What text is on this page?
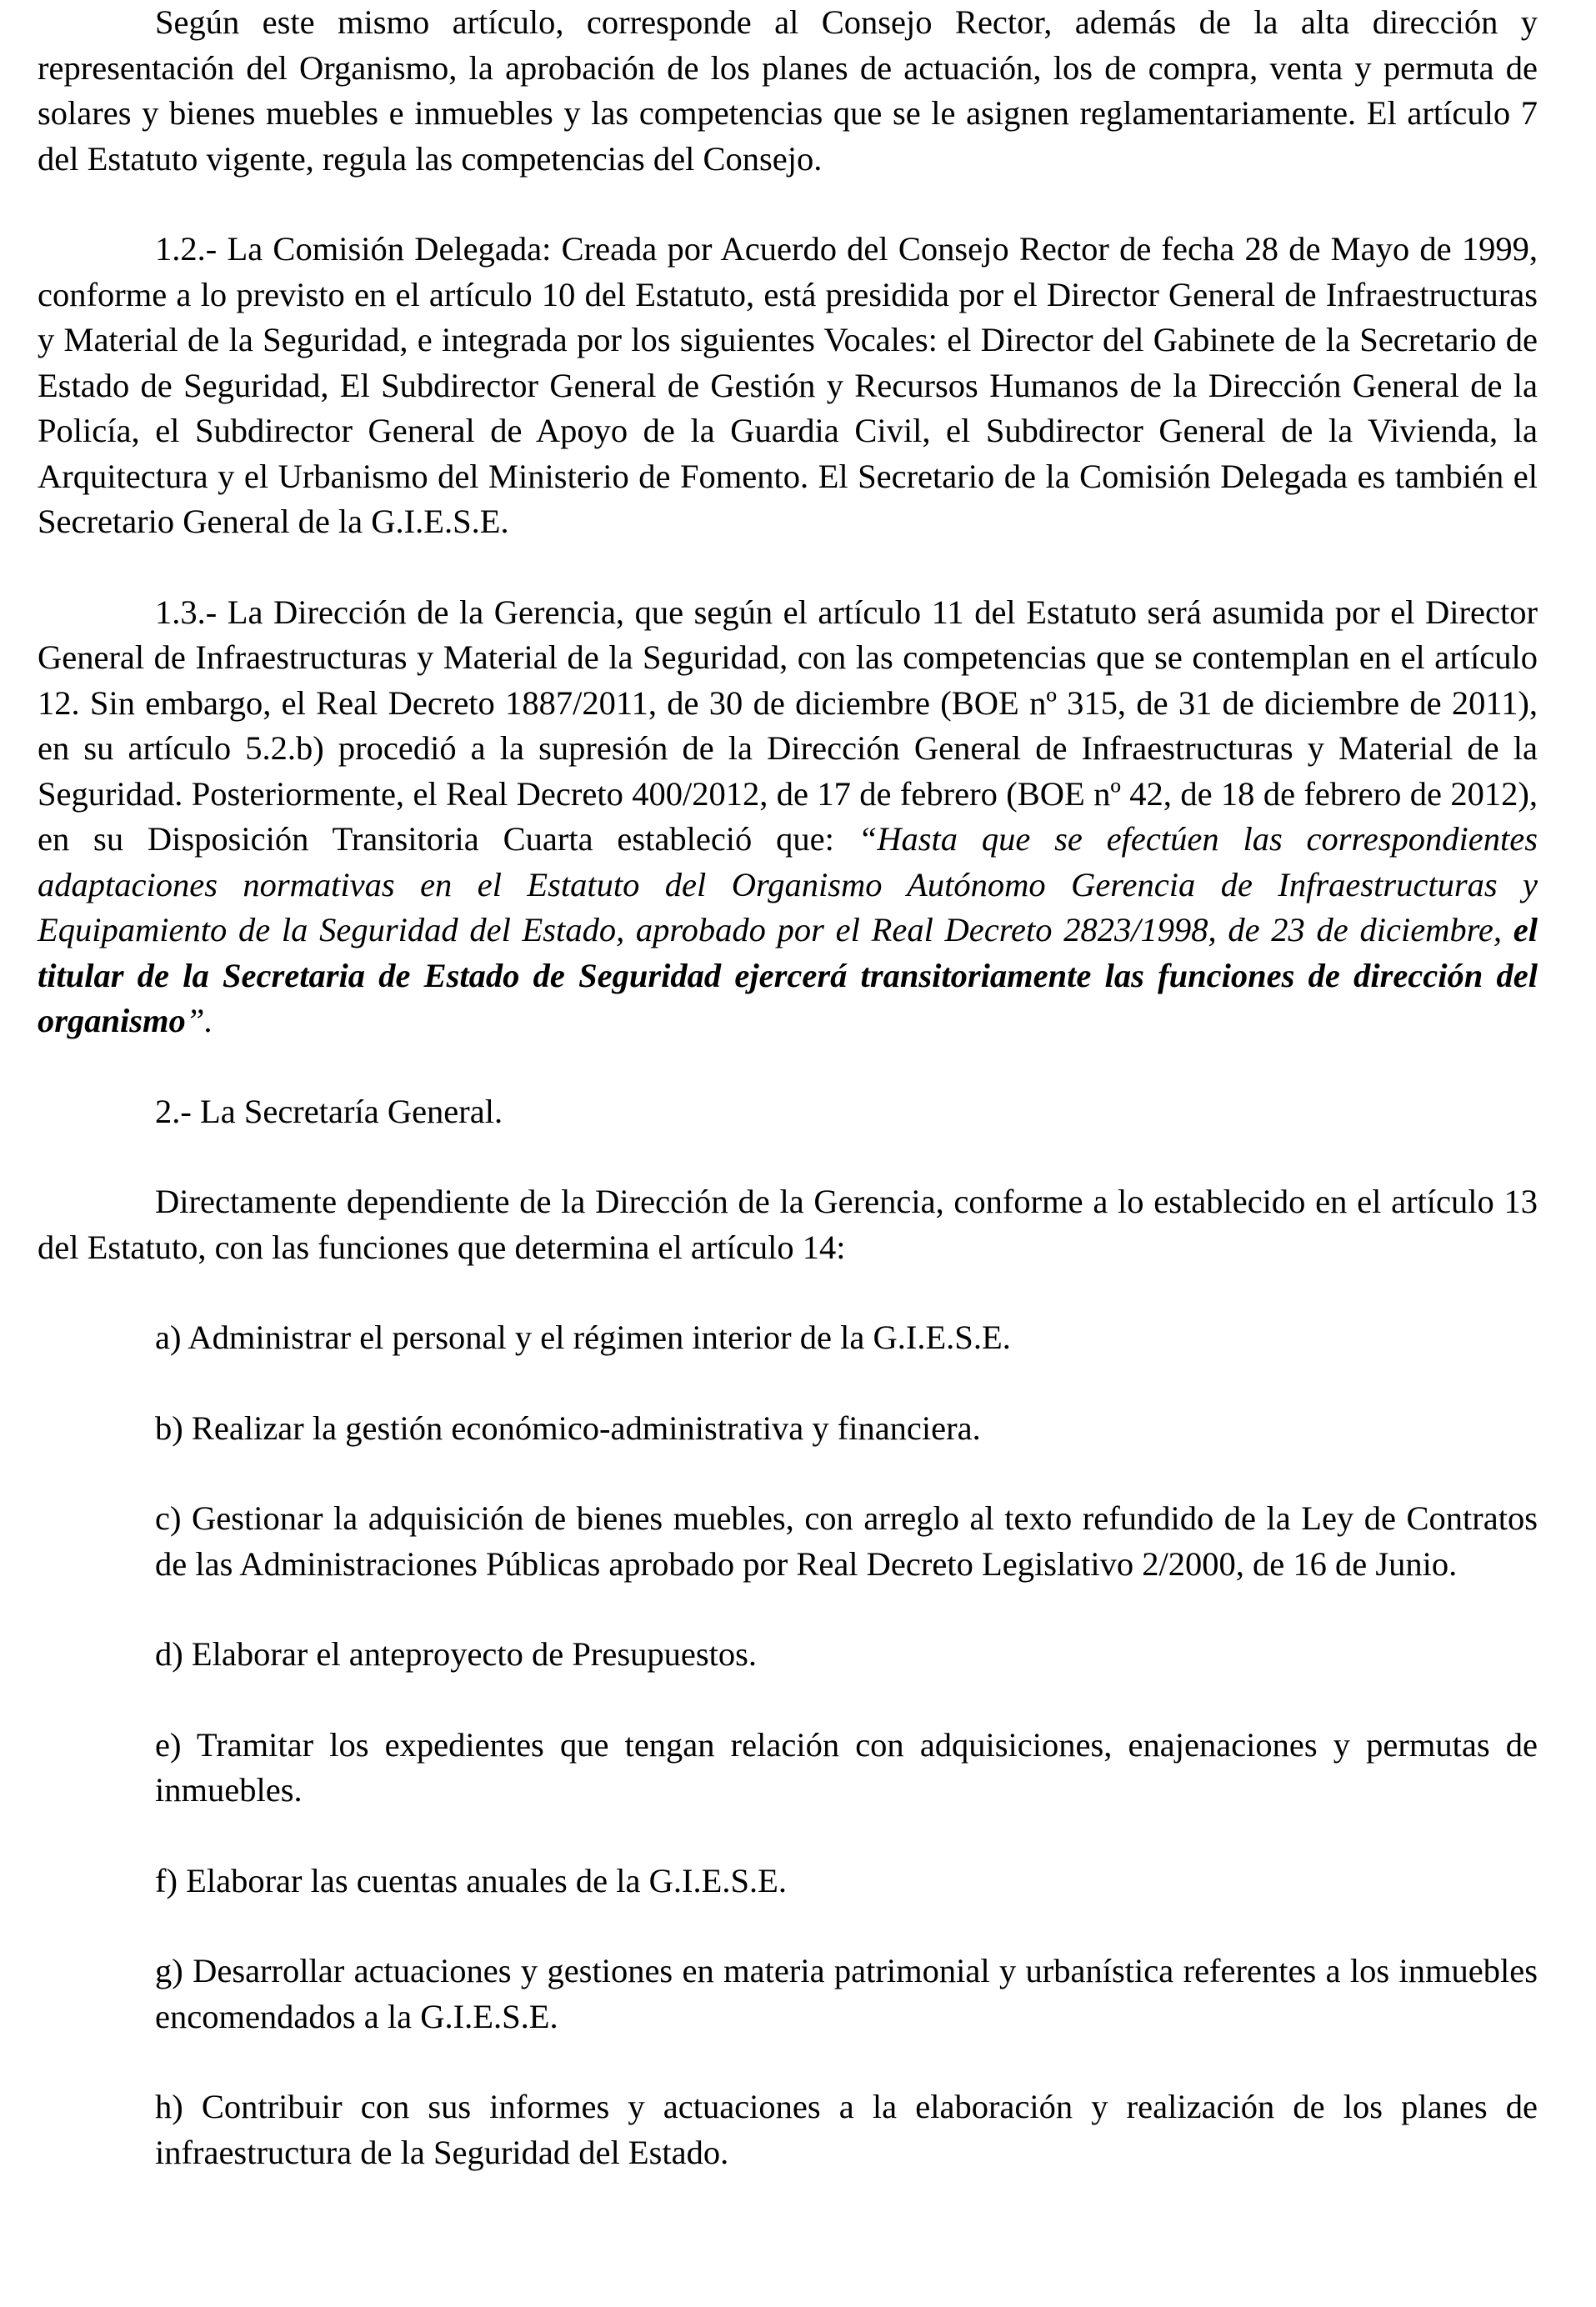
Según este mismo artículo, corresponde al Consejo Rector, además de la alta dirección y representación del Organismo, la aprobación de los planes de actuación, los de compra, venta y permuta de solares y bienes muebles e inmuebles y las competencias que se le asignen reglamentariamente. El artículo 7 del Estatuto vigente, regula las competencias del Consejo.

1.2.- La Comisión Delegada: Creada por Acuerdo del Consejo Rector de fecha 28 de Mayo de 1999, conforme a lo previsto en el artículo 10 del Estatuto, está presidida por el Director General de Infraestructuras y Material de la Seguridad, e integrada por los siguientes Vocales: el Director del Gabinete de la Secretario de Estado de Seguridad, El Subdirector General de Gestión y Recursos Humanos de la Dirección General de la Policía, el Subdirector General de Apoyo de la Guardia Civil, el Subdirector General de la Vivienda, la Arquitectura y el Urbanismo del Ministerio de Fomento. El Secretario de la Comisión Delegada es también el Secretario General de la G.I.E.S.E.

1.3.- La Dirección de la Gerencia, que según el artículo 11 del Estatuto será asumida por el Director General de Infraestructuras y Material de la Seguridad, con las competencias que se contemplan en el artículo 12. Sin embargo, el Real Decreto 1887/2011, de 30 de diciembre (BOE nº 315, de 31 de diciembre de 2011), en su artículo 5.2.b) procedió a la supresión de la Dirección General de Infraestructuras y Material de la Seguridad. Posteriormente, el Real Decreto 400/2012, de 17 de febrero (BOE nº 42, de 18 de febrero de 2012), en su Disposición Transitoria Cuarta estableció que: “Hasta que se efectúen las correspondientes adaptaciones normativas en el Estatuto del Organismo Autónomo Gerencia de Infraestructuras y Equipamiento de la Seguridad del Estado, aprobado por el Real Decreto 2823/1998, de 23 de diciembre, el titular de la Secretaria de Estado de Seguridad ejercerá transitoriamente las funciones de dirección del organismo”.

2.- La Secretaría General.

Directamente dependiente de la Dirección de la Gerencia, conforme a lo establecido en el artículo 13 del Estatuto, con las funciones que determina el artículo 14:

a) Administrar el personal y el régimen interior de la G.I.E.S.E.

b) Realizar la gestión económico-administrativa y financiera.

c) Gestionar la adquisición de bienes muebles, con arreglo al texto refundido de la Ley de Contratos de las Administraciones Públicas aprobado por Real Decreto Legislativo 2/2000, de 16 de Junio.

d) Elaborar el anteproyecto de Presupuestos.

e) Tramitar los expedientes que tengan relación con adquisiciones, enajenaciones y permutas de inmuebles.

f) Elaborar las cuentas anuales de la G.I.E.S.E.

g) Desarrollar actuaciones y gestiones en materia patrimonial y urbanística referentes a los inmuebles encomendados a la G.I.E.S.E.

h) Contribuir con sus informes y actuaciones a la elaboración y realización de los planes de infraestructura de la Seguridad del Estado.
